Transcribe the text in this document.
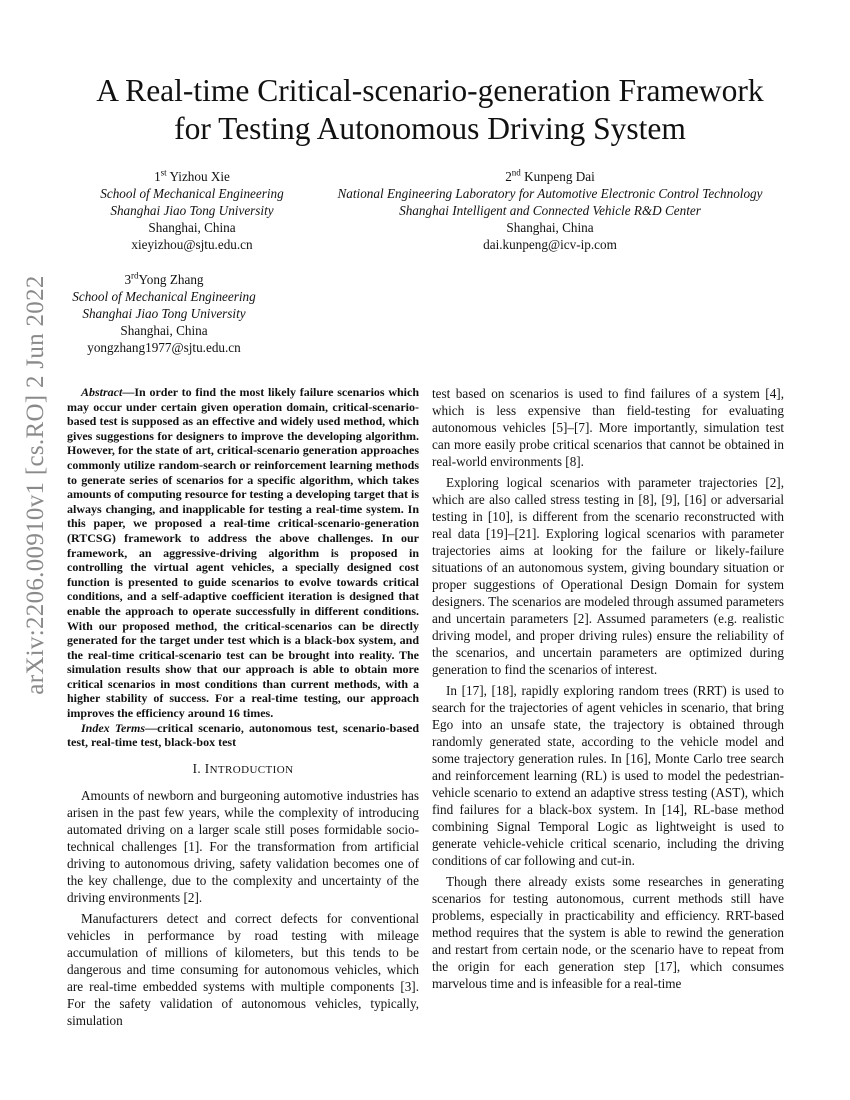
arXiv:2206.00910v1 [cs.RO] 2 Jun 2022
A Real-time Critical-scenario-generation Framework
for Testing Autonomous Driving System
1st Yizhou Xie
School of Mechanical Engineering
Shanghai Jiao Tong University
Shanghai, China
xieyizhou@sjtu.edu.cn
2nd Kunpeng Dai
National Engineering Laboratory for Automotive Electronic Control Technology
Shanghai Intelligent and Connected Vehicle R&D Center
Shanghai, China
dai.kunpeng@icv-ip.com
3rdYong Zhang
School of Mechanical Engineering
Shanghai Jiao Tong University
Shanghai, China
yongzhang1977@sjtu.edu.cn

Abstract—In order to find the most likely failure scenarios which may occur under certain given operation domain, critical-scenario-based test is supposed as an effective and widely used method, which gives suggestions for designers to improve the developing algorithm. However, for the state of art, critical-scenario generation approaches commonly utilize random-search or reinforcement learning methods to generate series of scenarios for a specific algorithm, which takes amounts of computing resource for testing a developing target that is always changing, and inapplicable for testing a real-time system. In this paper, we proposed a real-time critical-scenario-generation (RTCSG) framework to address the above challenges. In our framework, an aggressive-driving algorithm is proposed in controlling the virtual agent vehicles, a specially designed cost function is presented to guide scenarios to evolve towards critical conditions, and a self-adaptive coefficient iteration is designed that enable the approach to operate successfully in different conditions. With our proposed method, the critical-scenarios can be directly generated for the target under test which is a black-box system, and the real-time critical-scenario test can be brought into reality. The simulation results show that our approach is able to obtain more critical scenarios in most conditions than current methods, with a higher stability of success. For a real-time testing, our approach improves the efficiency around 16 times.

Index Terms—critical scenario, autonomous test, scenario-based test, real-time test, black-box test

I. INTRODUCTION

Amounts of newborn and burgeoning automotive industries has arisen in the past few years, while the complexity of introducing automated driving on a larger scale still poses formidable socio-technical challenges [1]. For the transformation from artificial driving to autonomous driving, safety validation becomes one of the key challenge, due to the complexity and uncertainty of the driving environments [2].

Manufacturers detect and correct defects for conventional vehicles in performance by road testing with mileage accumulation of millions of kilometers, but this tends to be dangerous and time consuming for autonomous vehicles, which are real-time embedded systems with multiple components [3]. For the safety validation of autonomous vehicles, typically, simulation

test based on scenarios is used to find failures of a system [4], which is less expensive than field-testing for evaluating autonomous vehicles [5]–[7]. More importantly, simulation test can more easily probe critical scenarios that cannot be obtained in real-world environments [8].

Exploring logical scenarios with parameter trajectories [2], which are also called stress testing in [8], [9], [16] or adversarial testing in [10], is different from the scenario reconstructed with real data [19]–[21]. Exploring logical scenarios with parameter trajectories aims at looking for the failure or likely-failure situations of an autonomous system, giving boundary situation or proper suggestions of Operational Design Domain for system designers. The scenarios are modeled through assumed parameters and uncertain parameters [2]. Assumed parameters (e.g. realistic driving model, and proper driving rules) ensure the reliability of the scenarios, and uncertain parameters are optimized during generation to find the scenarios of interest.

In [17], [18], rapidly exploring random trees (RRT) is used to search for the trajectories of agent vehicles in scenario, that bring Ego into an unsafe state, the trajectory is obtained through randomly generated state, according to the vehicle model and some trajectory generation rules. In [16], Monte Carlo tree search and reinforcement learning (RL) is used to model the pedestrian-vehicle scenario to extend an adaptive stress testing (AST), which find failures for a black-box system. In [14], RL-base method combining Signal Temporal Logic as lightweight is used to generate vehicle-vehicle critical scenario, including the driving conditions of car following and cut-in.

Though there already exists some researches in generating scenarios for testing autonomous, current methods still have problems, especially in practicability and efficiency. RRT-based method requires that the system is able to rewind the generation and restart from certain node, or the scenario have to repeat from the origin for each generation step [17], which consumes marvelous time and is infeasible for a real-time
